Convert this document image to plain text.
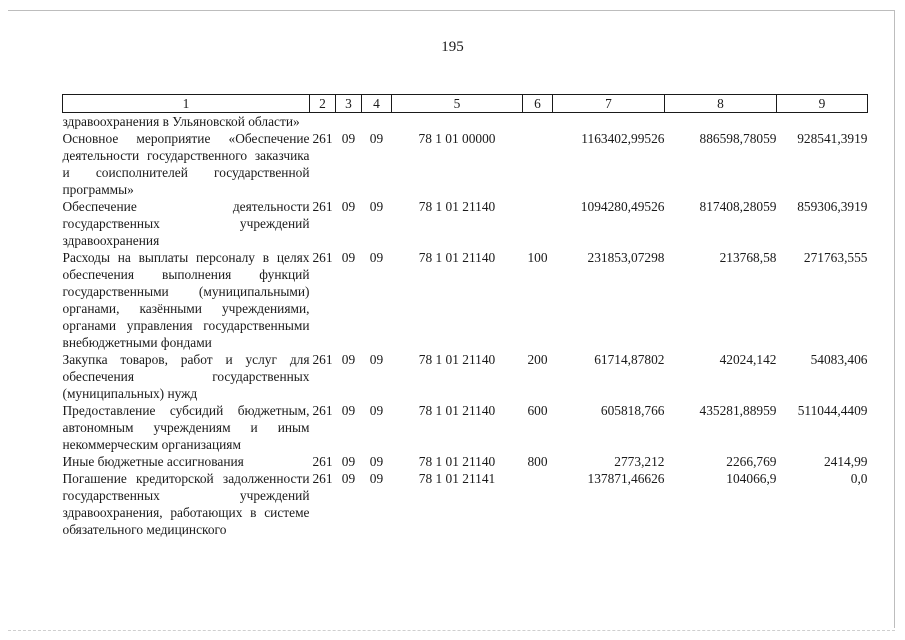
195
1	2	3	4	5	6	7	8	9
здравоохранения в Ульяновской области»								
Основное мероприятие «Обеспечение деятельности государственного заказчика и соисполнителей государственной программы»	261	09	09	78 1 01 00000		1163402,99526	886598,78059	928541,3919
Обеспечение деятельности государственных учреждений здравоохранения	261	09	09	78 1 01 21140		1094280,49526	817408,28059	859306,3919
Расходы на выплаты персоналу в целях обеспечения выполнения функций государственными (муниципальными) органами, казёнными учреждениями, органами управления государственными внебюджетными фондами	261	09	09	78 1 01 21140	100	231853,07298	213768,58	271763,555
Закупка товаров, работ и услуг для обеспечения государственных (муниципальных) нужд	261	09	09	78 1 01 21140	200	61714,87802	42024,142	54083,406
Предоставление субсидий бюджетным, автономным учреждениям и иным некоммерческим организациям	261	09	09	78 1 01 21140	600	605818,766	435281,88959	511044,4409
Иные бюджетные ассигнования	261	09	09	78 1 01 21140	800	2773,212	2266,769	2414,99
Погашение кредиторской задолженности государственных учреждений здравоохранения, работающих в системе обязательного медицинского	261	09	09	78 1 01 21141		137871,46626	104066,9	0,0
